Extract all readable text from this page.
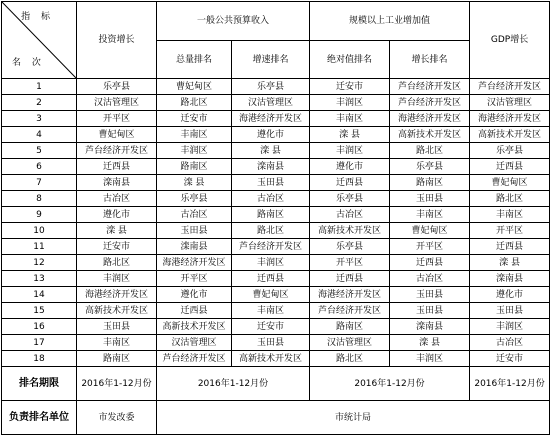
指 标
名 次	投资增长	一般公共预算收入		规模以上工业增加值		GDP增长
		总量排名	增速排名	绝对值排名	增长排名	
1	乐亭县	曹妃甸区	乐亭县	迁安市	芦台经济开发区	芦台经济开发区
2	汉沽管理区	路北区	汉沽管理区	丰润区	芦台经济开发区	汉沽管理区
3	开平区	迁安市	海港经济开发区	丰南区	海港经济开发区	海港经济开发区
4	曹妃甸区	丰南区	遵化市	滦 县	高新技术开发区	高新技术开发区
5	芦台经济开发区	丰润区	滦 县	丰润区	路北区	乐亭县
6	迁西县	路南区	滦南县	遵化市	乐亭县	迁西县
7	滦南县	滦 县	玉田县	迁西县	路南区	曹妃甸区
8	古冶区	乐亭县	古冶区	乐亭县	玉田县	路北区
9	遵化市	古冶区	路南区	古冶区	丰南区	丰南区
10	滦 县	玉田县	路北区	高新技术开发区	曹妃甸区	开平区
11	迁安市	滦南县	芦台经济开发区	乐亭县	开平区	迁西县
12	路北区	海港经济开发区	丰润区	开平区	迁西县	滦 县
13	丰润区	开平区	迁西县	迁西县	古冶区	滦南县
14	海港经济开发区	遵化市	曹妃甸区	海港经济开发区	玉田县	遵化市
15	高新技术开发区	迁西县	丰南区	芦台经济开发区	玉田县	玉田县
16	玉田县	高新技术开发区	迁安市	路南区	滦南县	丰润区
17	丰南区	汉沽管理区	玉田县	汉沽管理区	滦 县	古冶区
18	路南区	芦台经济开发区	高新技术开发区	路北区	丰润区	迁安市
排名期限	2016年1-12月份	2016年1-12月份		2016年1-12月份		2016年1-12月份
负责排名单位	市发改委	市统计局				
